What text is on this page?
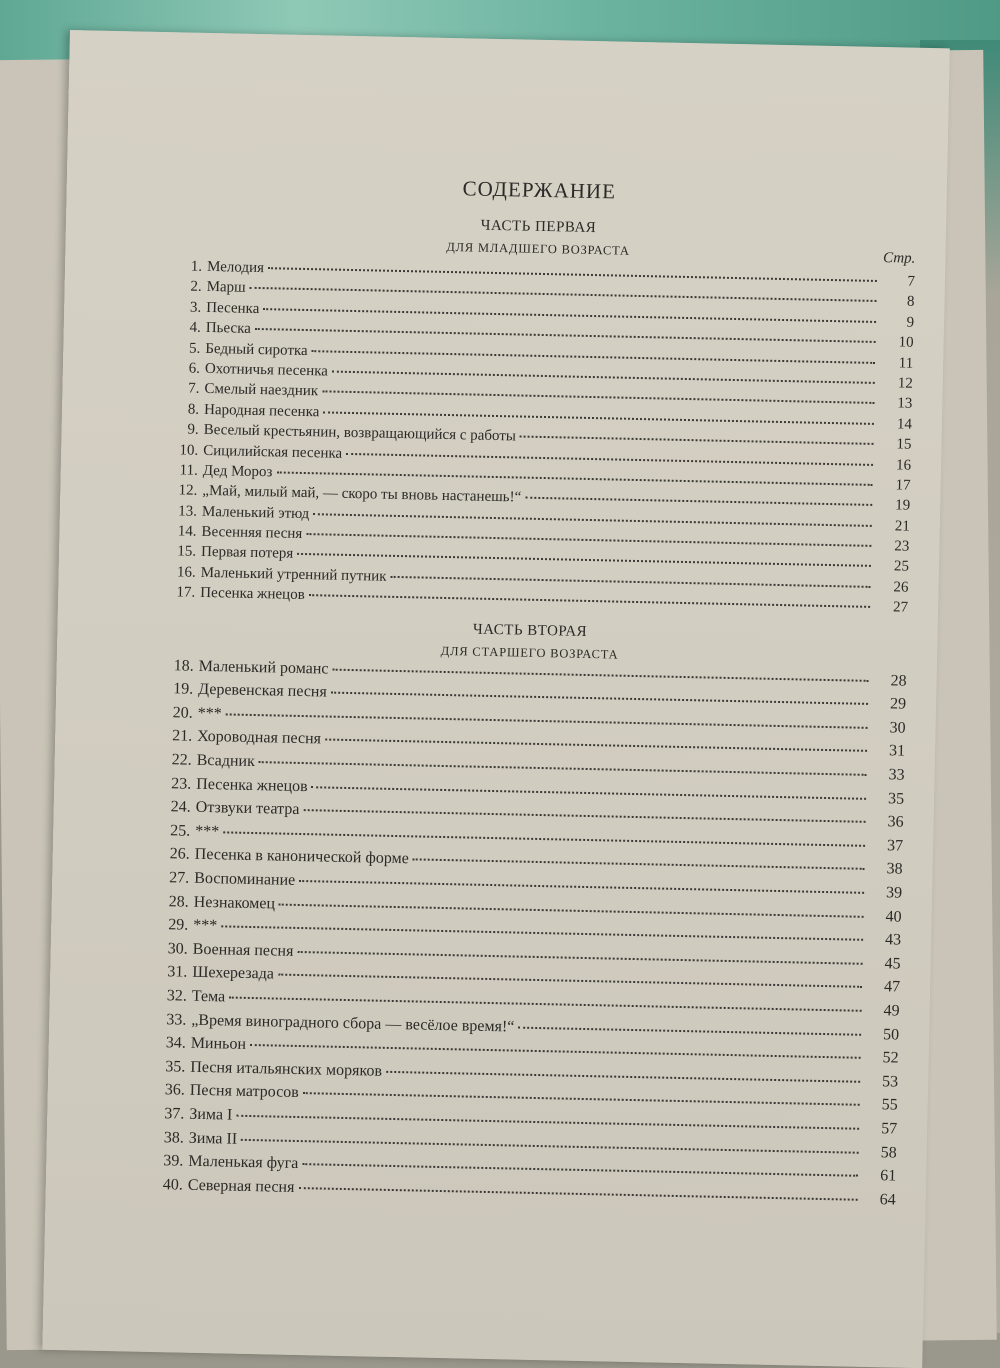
СОДЕРЖАНИЕ
ЧАСТЬ ПЕРВАЯ
ДЛЯ МЛАДШЕГО ВОЗРАСТА
Стр.
1. Мелодия
7
2. Марш
8
3. Песенка
9
4. Пьеска
10
5. Бедный сиротка
11
6. Охотничья песенка
12
7. Смелый наездник
13
8. Народная песенка
14
9. Веселый крестьянин, возвращающийся с работы
15
10. Сицилийская песенка
16
11. Дед Мороз
17
12. „Май, милый май, — скоро ты вновь настанешь!“	19
13. Маленький этюд
21
14. Весенняя песня
23
15. Первая потеря
25
16. Маленький утренний путник
26
17. Песенка жнецов
27
ЧАСТЬ ВТОРАЯ
ДЛЯ СТАРШЕГО ВОЗРАСТА
18. Маленький романс
28
19. Деревенская песня
29
20. ***
30
21. Хороводная песня
31
22. Всадник
33
23. Песенка жнецов
35
24. Отзвуки театра
36
25. ***
37
26. Песенка в канонической форме
38
27. Воспоминание
39
28. Незнакомец
40
29. ***
43
30. Военная песня
45
31. Шехерезада
47
32. Тема
49
33. „Время виноградного сбора — весёлое время!“	50
34. Миньон
52
35. Песня итальянских моряков
53
36. Песня матросов
55
37. Зима I
57
38. Зима II
58
39. Маленькая фуга
61
40. Северная песня
64
